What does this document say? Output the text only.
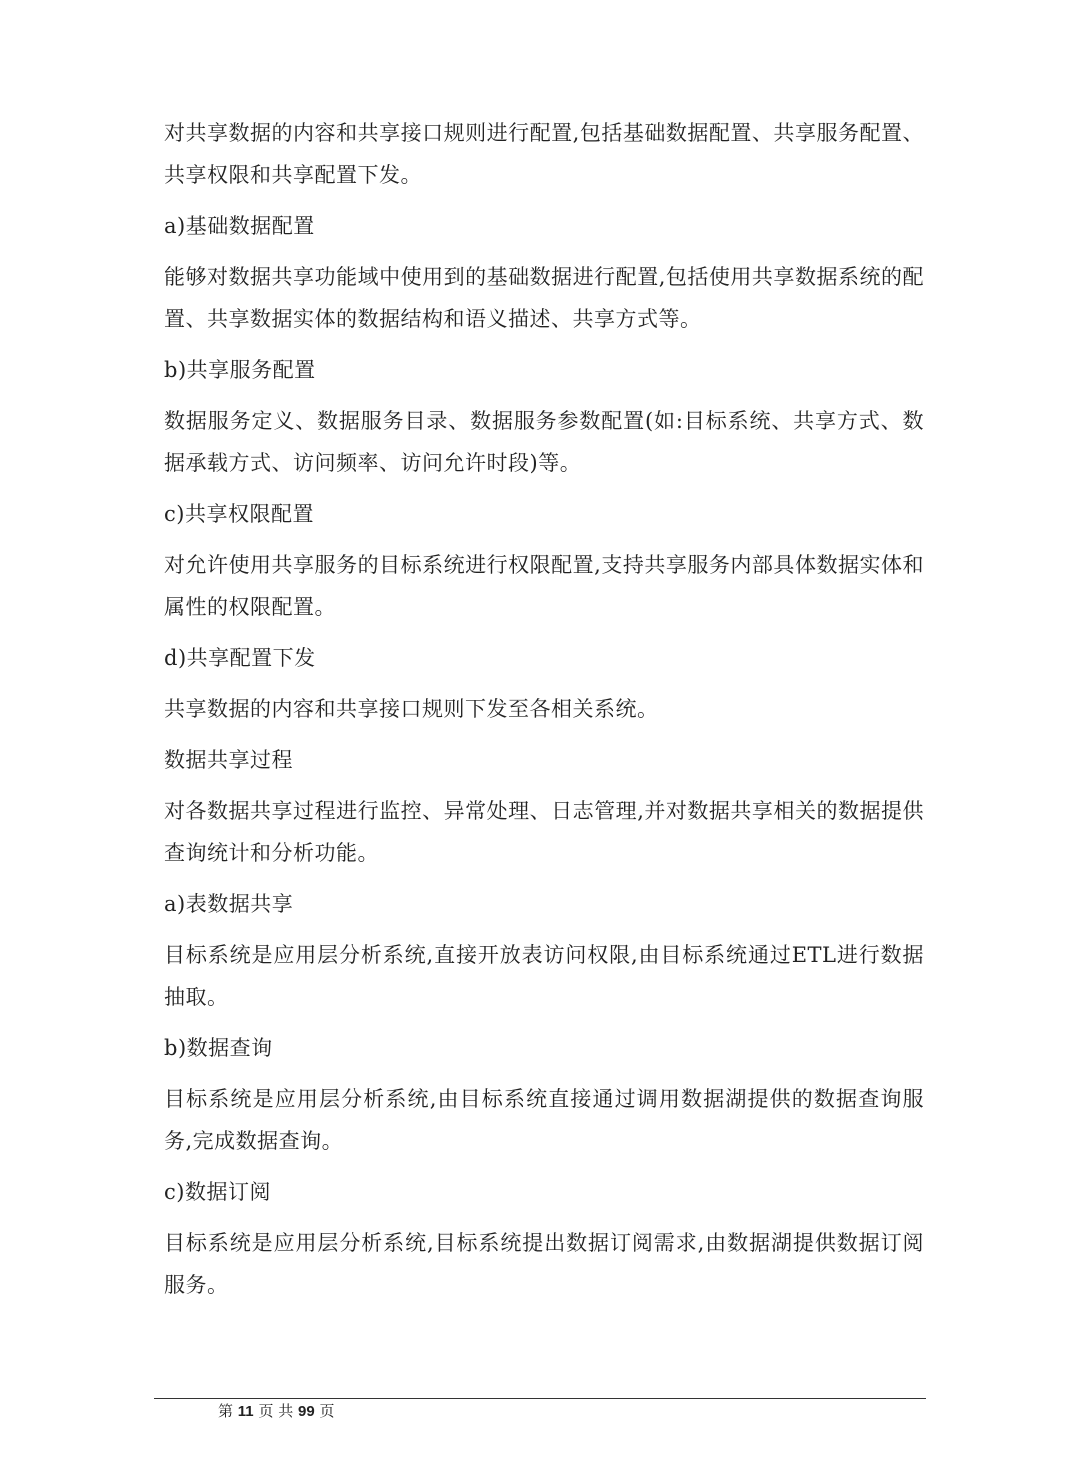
对共享数据的内容和共享接口规则进行配置,包括基础数据配置、共享服务配置、共享权限和共享配置下发。

a)基础数据配置

能够对数据共享功能域中使用到的基础数据进行配置,包括使用共享数据系统的配置、共享数据实体的数据结构和语义描述、共享方式等。

b)共享服务配置

数据服务定义、数据服务目录、数据服务参数配置(如:目标系统、共享方式、数据承载方式、访问频率、访问允许时段)等。

c)共享权限配置

对允许使用共享服务的目标系统进行权限配置,支持共享服务内部具体数据实体和属性的权限配置。

d)共享配置下发

共享数据的内容和共享接口规则下发至各相关系统。

数据共享过程

对各数据共享过程进行监控、异常处理、日志管理,并对数据共享相关的数据提供查询统计和分析功能。

a)表数据共享

目标系统是应用层分析系统,直接开放表访问权限,由目标系统通过ETL进行数据抽取。

b)数据查询

目标系统是应用层分析系统,由目标系统直接通过调用数据湖提供的数据查询服务,完成数据查询。

c)数据订阅

目标系统是应用层分析系统,目标系统提出数据订阅需求,由数据湖提供数据订阅服务。

第 11 页 共 99 页
